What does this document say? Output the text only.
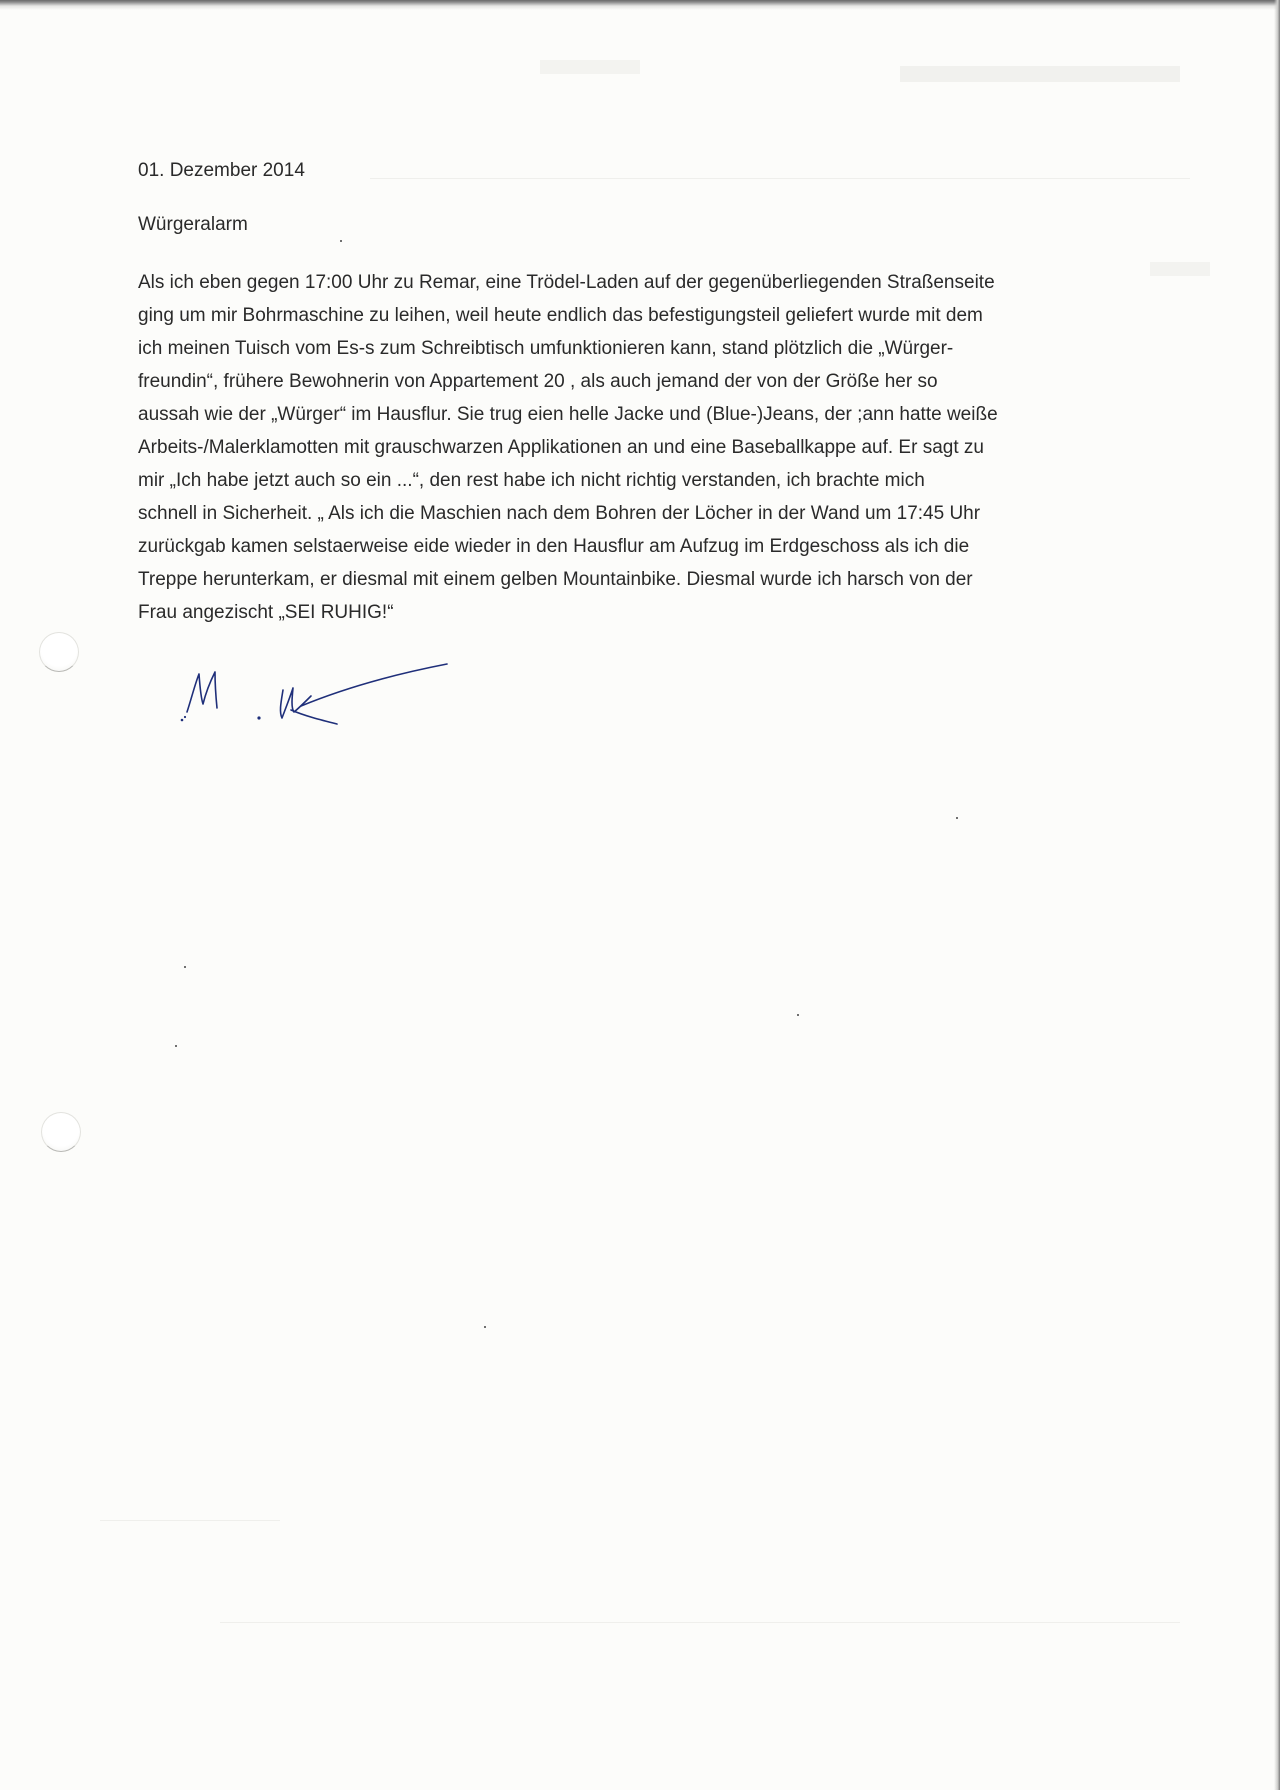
01. Dezember 2014
Würgeralarm

Als ich eben gegen 17:00 Uhr zu Remar, eine Trödel-Laden auf der gegenüberliegenden Straßenseite
ging um mir Bohrmaschine zu leihen, weil heute endlich das befestigungsteil geliefert wurde mit dem
ich meinen Tuisch vom Es-s zum Schreibtisch umfunktionieren kann, stand plötzlich die „Würger-
freundin“, frühere Bewohnerin von Appartement 20 , als auch jemand der von der Größe her so
aussah wie der „Würger“ im Hausflur. Sie trug eien helle Jacke und (Blue-)Jeans, der ;ann hatte weiße
Arbeits-/Malerklamotten mit grauschwarzen Applikationen an und eine Baseballkappe auf. Er sagt zu
mir „Ich habe jetzt auch so ein ...“, den rest habe ich nicht richtig verstanden, ich brachte mich
schnell in Sicherheit. „ Als ich die Maschien nach dem Bohren der Löcher in der Wand um 17:45 Uhr
zurückgab kamen selstaerweise eide wieder in den Hausflur am Aufzug im Erdgeschoss als ich die
Treppe herunterkam, er diesmal mit einem gelben Mountainbike. Diesmal wurde ich harsch von der
Frau angezischt „SEI RUHIG!“
